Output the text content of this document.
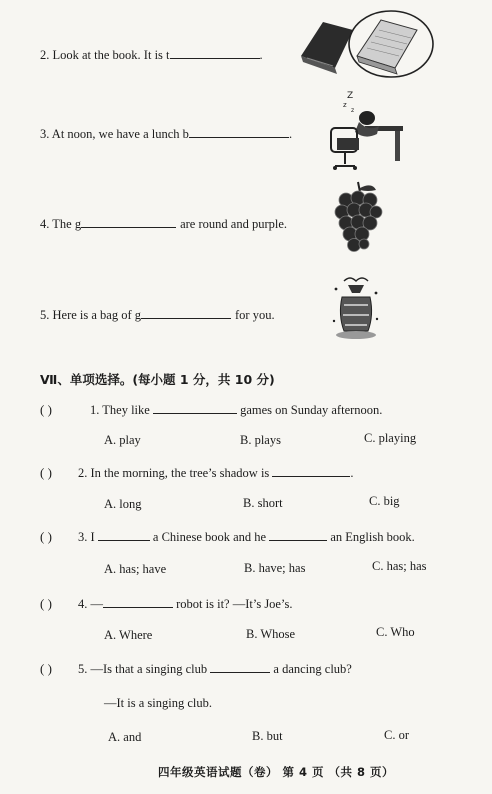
2. Look at the book. It is t	.
3. At noon, we have a lunch b	.
4. The g	are round and purple.
5. Here is a bag of g	for you.
Z
z
z
Ⅶ、单项选择。(每小题 1 分，共 10 分)
( )	1. They like	games on Sunday afternoon.
A. play	B. plays	C. playing
( ) 2. In the morning, the tree’s shadow is	.
A. long	B. short	C. big
( ) 3. I	a Chinese book and he	an English book.
A. has; have	B. have; has	C. has; has
( ) 4. —	robot is it? —It’s Joe’s.
A. Where	B. Whose	C. Who
( ) 5. —Is that a singing club	a dancing club?
—It is a singing club.
A. and	B. but	C. or
四年级英语试题（卷） 第 4 页 （共 8 页）
